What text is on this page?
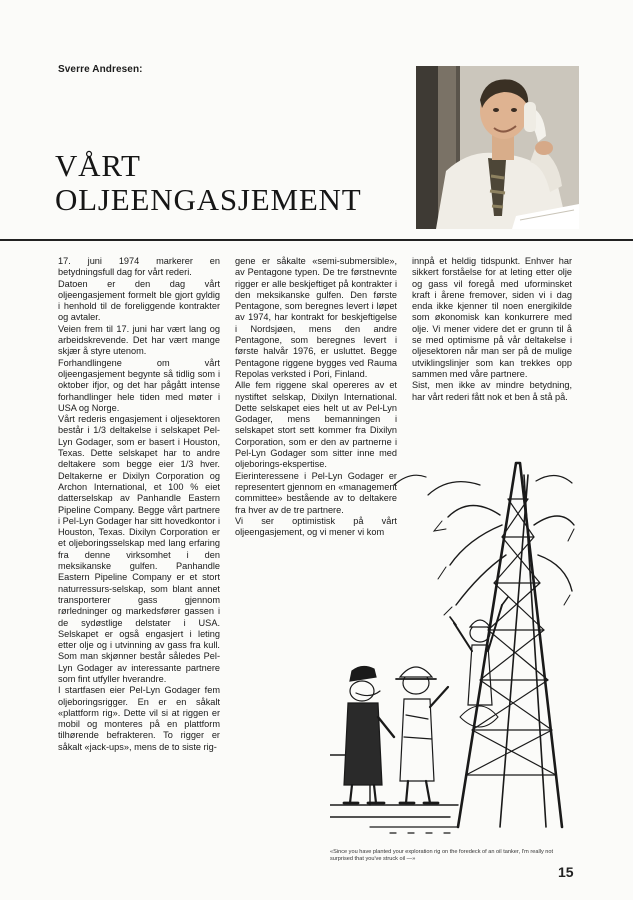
Sverre Andresen:
VÅRT
OLJEENGASJEMENT

17. juni 1974 markerer en betydningsfull dag for vårt rederi.

Datoen er den dag vårt oljeengasjement formelt ble gjort gyldig i henhold til de foreliggende kontrakter og avtaler.

Veien frem til 17. juni har vært lang og arbeidskrevende. Det har vært mange skjær å styre utenom.

Forhandlingene om vårt oljeengasjement begynte så tidlig som i oktober ifjor, og det har pågått intense forhandlinger hele tiden med møter i USA og Norge.

Vårt rederis engasjement i oljesektoren består i 1/3 deltakelse i selskapet Pel-Lyn Godager, som er basert i Houston, Texas. Dette selskapet har to andre deltakere som begge eier 1/3 hver. Deltakerne er Dixilyn Corporation og Archon International, et 100 % eiet datterselskap av Panhandle Eastern Pipeline Company. Begge vårt partnere i Pel-Lyn Godager har sitt hovedkontor i Houston, Texas. Dixilyn Corporation er et oljeboringsselskap med lang erfaring fra denne virksomhet i den meksikanske gulfen. Panhandle Eastern Pipeline Company er et stort naturressurs-selskap, som blant annet transporterer gass gjennom rørledninger og markedsfører gassen i de sydøstlige delstater i USA. Selskapet er også engasjert i leting etter olje og i utvinning av gass fra kull. Som man skjønner består således Pel-Lyn Godager av interessante partnere som fint utfyller hverandre.

I startfasen eier Pel-Lyn Godager fem oljeboringsrigger. En er en såkalt «plattform rig». Dette vil si at riggen er mobil og monteres på en plattform tilhørende befrakteren. To rigger er såkalt «jack-ups», mens de to siste rig-

gene er såkalte «semi-submersible», av Pentagone typen. De tre førstnevnte rigger er alle beskjeftiget på kontrakter i den meksikanske gulfen. Den første Pentagone, som beregnes levert i løpet av 1974, har kontrakt for beskjeftigelse i Nordsjøen, mens den andre Pentagone, som beregnes levert i første halvår 1976, er usluttet. Begge Pentagone riggene bygges ved Rauma Repolas verksted i Pori, Finland.

Alle fem riggene skal opereres av et nystiftet selskap, Dixilyn International. Dette selskapet eies helt ut av Pel-Lyn Godager, mens bemanningen i selskapet stort sett kommer fra Dixilyn Corporation, som er den av partnerne i Pel-Lyn Godager som sitter inne med oljeborings-ekspertise.

Eierinteressene i Pel-Lyn Godager er representert gjennom en «management committee» bestående av to deltakere fra hver av de tre partnere.

Vi ser optimistisk på vårt oljeengasjement, og vi mener vi kom

innpå et heldig tidspunkt. Enhver har sikkert forståelse for at leting etter olje og gass vil foregå med uforminsket kraft i årene fremover, siden vi i dag enda ikke kjenner til noen energikilde som økonomisk kan konkurrere med olje. Vi mener videre det er grunn til å se med optimisme på vår deltakelse i oljesektoren når man ser på de mulige utviklingslinjer som kan trekkes opp sammen med våre partnere.

Sist, men ikke av mindre betydning, har vårt rederi fått nok et ben å stå på.

«Since you have planted your exploration rig on the foredeck of an oil tanker, I'm really not surprised that you've struck oil —»
15
